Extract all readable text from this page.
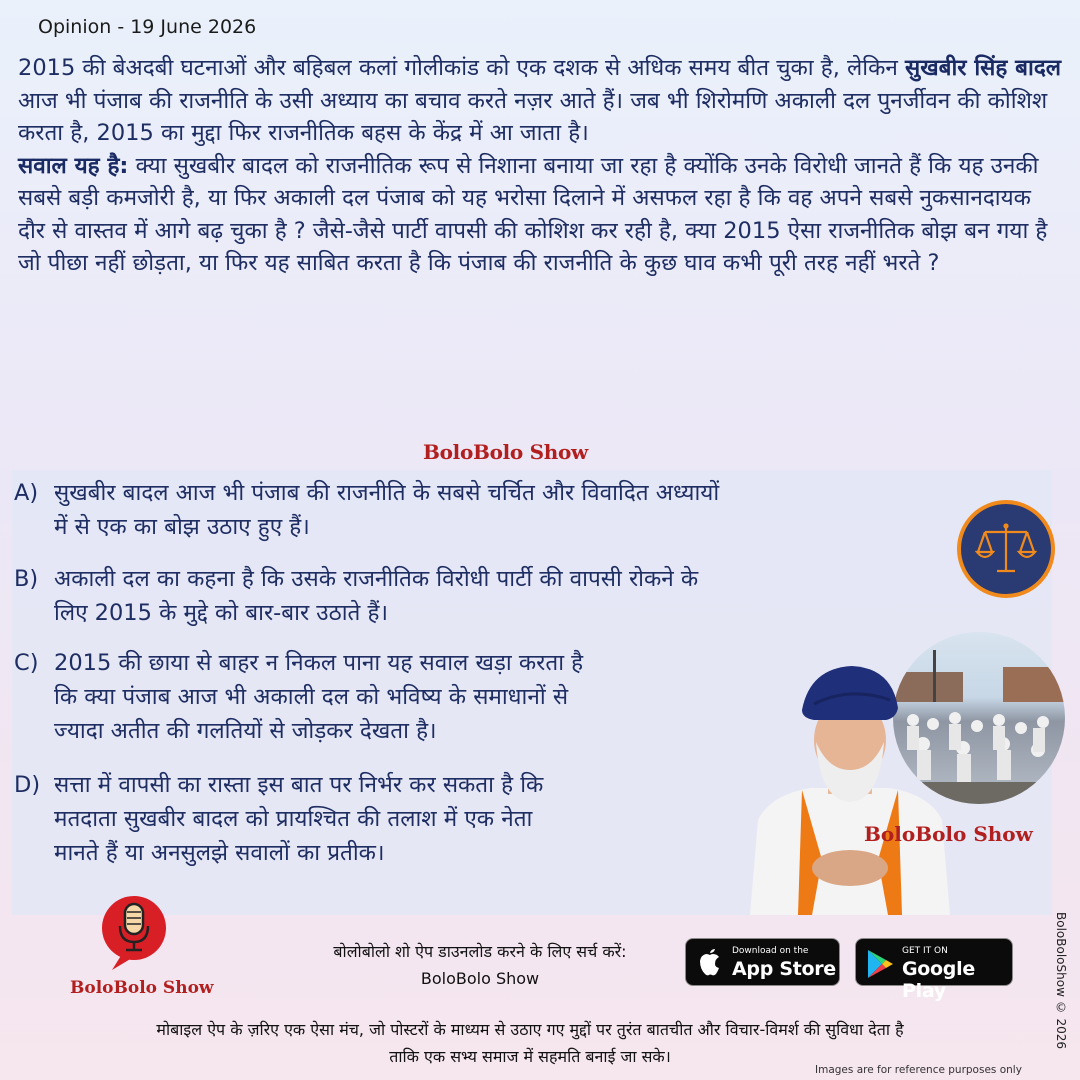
Opinion - 19 June 2026
2015 की बेअदबी घटनाओं और बहिबल कलां गोलीकांड को एक दशक से अधिक समय बीत चुका है, लेकिन सुखबीर सिंह बादल आज भी पंजाब की राजनीति के उसी अध्याय का बचाव करते नज़र आते हैं। जब भी शिरोमणि अकाली दल पुनर्जीवन की कोशिश करता है, 2015 का मुद्दा फिर राजनीतिक बहस के केंद्र में आ जाता है।
सवाल यह है: क्या सुखबीर बादल को राजनीतिक रूप से निशाना बनाया जा रहा है क्योंकि उनके विरोधी जानते हैं कि यह उनकी सबसे बड़ी कमजोरी है, या फिर अकाली दल पंजाब को यह भरोसा दिलाने में असफल रहा है कि वह अपने सबसे नुकसानदायक दौर से वास्तव में आगे बढ़ चुका है ? जैसे-जैसे पार्टी वापसी की कोशिश कर रही है, क्या 2015 ऐसा राजनीतिक बोझ बन गया है जो पीछा नहीं छोड़ता, या फिर यह साबित करता है कि पंजाब की राजनीति के कुछ घाव कभी पूरी तरह नहीं भरते ?
BoloBolo Show
A) सुखबीर बादल आज भी पंजाब की राजनीति के सबसे चर्चित और विवादित अध्यायों
में से एक का बोझ उठाए हुए हैं।
B) अकाली दल का कहना है कि उसके राजनीतिक विरोधी पार्टी की वापसी रोकने के
लिए 2015 के मुद्दे को बार-बार उठाते हैं।
C) 2015 की छाया से बाहर न निकल पाना यह सवाल खड़ा करता है
कि क्या पंजाब आज भी अकाली दल को भविष्य के समाधानों से
ज्यादा अतीत की गलतियों से जोड़कर देखता है।
D) सत्ता में वापसी का रास्ता इस बात पर निर्भर कर सकता है कि
मतदाता सुखबीर बादल को प्रायश्चित की तलाश में एक नेता
मानते हैं या अनसुलझे सवालों का प्रतीक।
BoloBolo Show
BoloBoloShow © 2026
BoloBolo Show
बोलोबोलो शो ऐप डाउनलोड करने के लिए सर्च करें:
BoloBolo Show
Download on the
App Store
GET IT ON
Google Play
मोबाइल ऐप के ज़रिए एक ऐसा मंच, जो पोस्टरों के माध्यम से उठाए गए मुद्दों पर तुरंत बातचीत और विचार-विमर्श की सुविधा देता है
ताकि एक सभ्य समाज में सहमति बनाई जा सके।
Images are for reference purposes only
